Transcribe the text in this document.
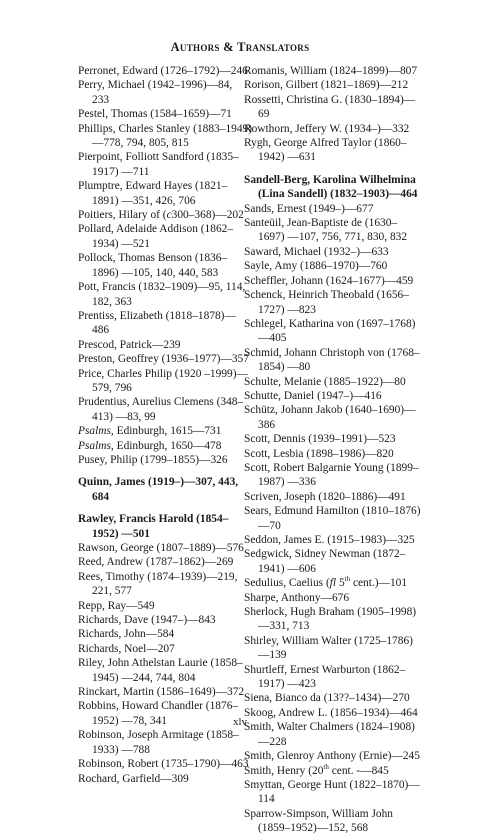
Authors & Translators
Perronet, Edward (1726–1792)—246
Perry, Michael (1942–1996)—84, 233
Pestel, Thomas (1584–1659)—71
Phillips, Charles Stanley (1883–1949) —778, 794, 805, 815
Pierpoint, Folliott Sandford (1835–1917) —711
Plumptre, Edward Hayes (1821–1891) —351, 426, 706
Poitiers, Hilary of (c300–368)—202
Pollard, Adelaide Addison (1862–1934) —521
Pollock, Thomas Benson (1836–1896) —105, 140, 440, 583
Pott, Francis (1832–1909)—95, 114, 182, 363
Prentiss, Elizabeth (1818–1878)—486
Prescod, Patrick—239
Preston, Geoffrey (1936–1977)—357
Price, Charles Philip (1920 –1999)—579, 796
Prudentius, Aurelius Clemens (348–413) —83, 99
Psalms, Edinburgh, 1615—731
Psalms, Edinburgh, 1650—478
Pusey, Philip (1799–1855)—326
Quinn, James (1919–)—307, 443, 684
Rawley, Francis Harold (1854–1952) —501
Rawson, George (1807–1889)—576
Reed, Andrew (1787–1862)—269
Rees, Timothy (1874–1939)—219, 221, 577
Repp, Ray—549
Richards, Dave (1947–)—843
Richards, John—584
Richards, Noel—207
Riley, John Athelstan Laurie (1858–1945) —244, 744, 804
Rinckart, Martin (1586–1649)—372
Robbins, Howard Chandler (1876–1952) —78, 341
Robinson, Joseph Armitage (1858–1933) —788
Robinson, Robert (1735–1790)—463
Rochard, Garfield—309
Romanis, William (1824–1899)—807
Rorison, Gilbert (1821–1869)—212
Rossetti, Christina G. (1830–1894)—69
Rowthorn, Jeffery W. (1934–)—332
Rygh, George Alfred Taylor (1860–1942) —631
Sandell-Berg, Karolina Wilhelmina (Lina Sandell) (1832–1903)—464
Sands, Ernest (1949–)—677
Santeüil, Jean-Baptiste de (1630–1697) —107, 756, 771, 830, 832
Saward, Michael (1932–)—633
Sayle, Amy (1886–1970)—760
Scheffler, Johann (1624–1677)—459
Schenck, Heinrich Theobald (1656–1727) —823
Schlegel, Katharina von (1697–1768) —405
Schmid, Johann Christoph von (1768–1854) —80
Schulte, Melanie (1885–1922)—80
Schutte, Daniel (1947–)—416
Schütz, Johann Jakob (1640–1690)—386
Scott, Dennis (1939–1991)—523
Scott, Lesbia (1898–1986)—820
Scott, Robert Balgarnie Young (1899–1987) —336
Scriven, Joseph (1820–1886)—491
Sears, Edmund Hamilton (1810–1876)—70
Seddon, James E. (1915–1983)—325
Sedgwick, Sidney Newman (1872–1941) —606
Sedulius, Caelius (fl 5th cent.)—101
Sharpe, Anthony—676
Sherlock, Hugh Braham (1905–1998)—331, 713
Shirley, William Walter (1725–1786)—139
Shurtleff, Ernest Warburton (1862–1917) —423
Siena, Bianco da (13??–1434)—270
Skoog, Andrew L. (1856–1934)—464
Smith, Walter Chalmers (1824–1908)—228
Smith, Glenroy Anthony (Ernie)—245
Smith, Henry (20th cent. -—845
Smyttan, George Hunt (1822–1870)—114
Sparrow-Simpson, William John (1859–1952)—152, 568
xlv
